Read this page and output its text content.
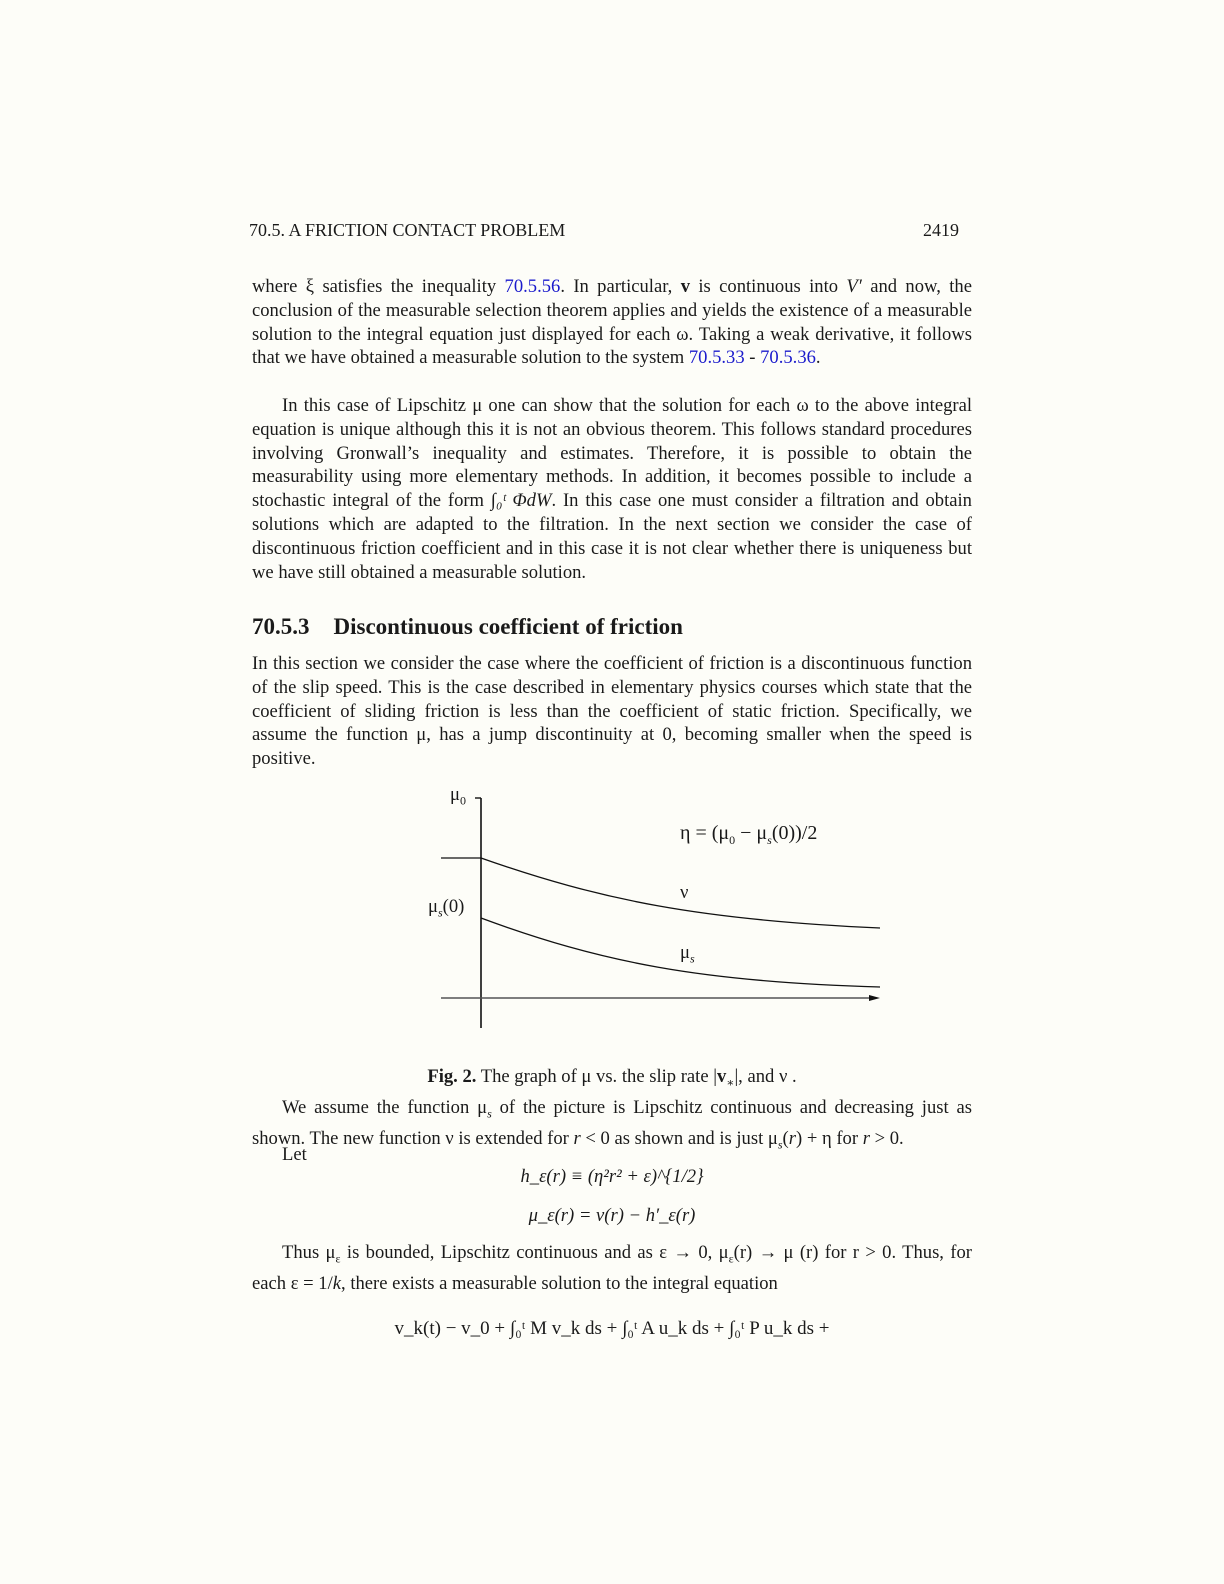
70.5. A FRICTION CONTACT PROBLEM	2419
where ξ satisfies the inequality 70.5.56. In particular, v is continuous into V′ and now, the conclusion of the measurable selection theorem applies and yields the existence of a measurable solution to the integral equation just displayed for each ω. Taking a weak derivative, it follows that we have obtained a measurable solution to the system 70.5.33 - 70.5.36.
In this case of Lipschitz μ one can show that the solution for each ω to the above integral equation is unique although this it is not an obvious theorem. This follows standard procedures involving Gronwall’s inequality and estimates. Therefore, it is possible to obtain the measurability using more elementary methods. In addition, it becomes possible to include a stochastic integral of the form ∫₀ᵗ ΦdW. In this case one must consider a filtration and obtain solutions which are adapted to the filtration. In the next section we consider the case of discontinuous friction coefficient and in this case it is not clear whether there is uniqueness but we have still obtained a measurable solution.
70.5.3 Discontinuous coefficient of friction
In this section we consider the case where the coefficient of friction is a discontinuous function of the slip speed. This is the case described in elementary physics courses which state that the coefficient of sliding friction is less than the coefficient of static friction. Specifically, we assume the function μ, has a jump discontinuity at 0, becoming smaller when the speed is positive.
$\mu_0$
$\mu_s(0)$
$\eta = (\mu_0 - \mu_s(0))/2$
ν
$\mu_s$
Fig. 2. The graph of μ vs. the slip rate $|v_∗|$, and ν .
We assume the function $\mu_s$ of the picture is Lipschitz continuous and decreasing just as shown. The new function ν is extended for r < 0 as shown and is just $\mu_s(r) + \eta$ for r > 0.
Let
h_ε(r) ≡ (η²r² + ε)^{1/2}
μ_ε(r) = ν(r) − h′_ε(r)
Thus $\mu_\varepsilon$ is bounded, Lipschitz continuous and as ε → 0, $\mu_\varepsilon(r) \to \mu$ (r) for r > 0. Thus, for each ε = 1/k, there exists a measurable solution to the integral equation
v_k(t) − v_0 + ∫₀ᵗ M v_k ds + ∫₀ᵗ A u_k ds + ∫₀ᵗ P u_k ds +
